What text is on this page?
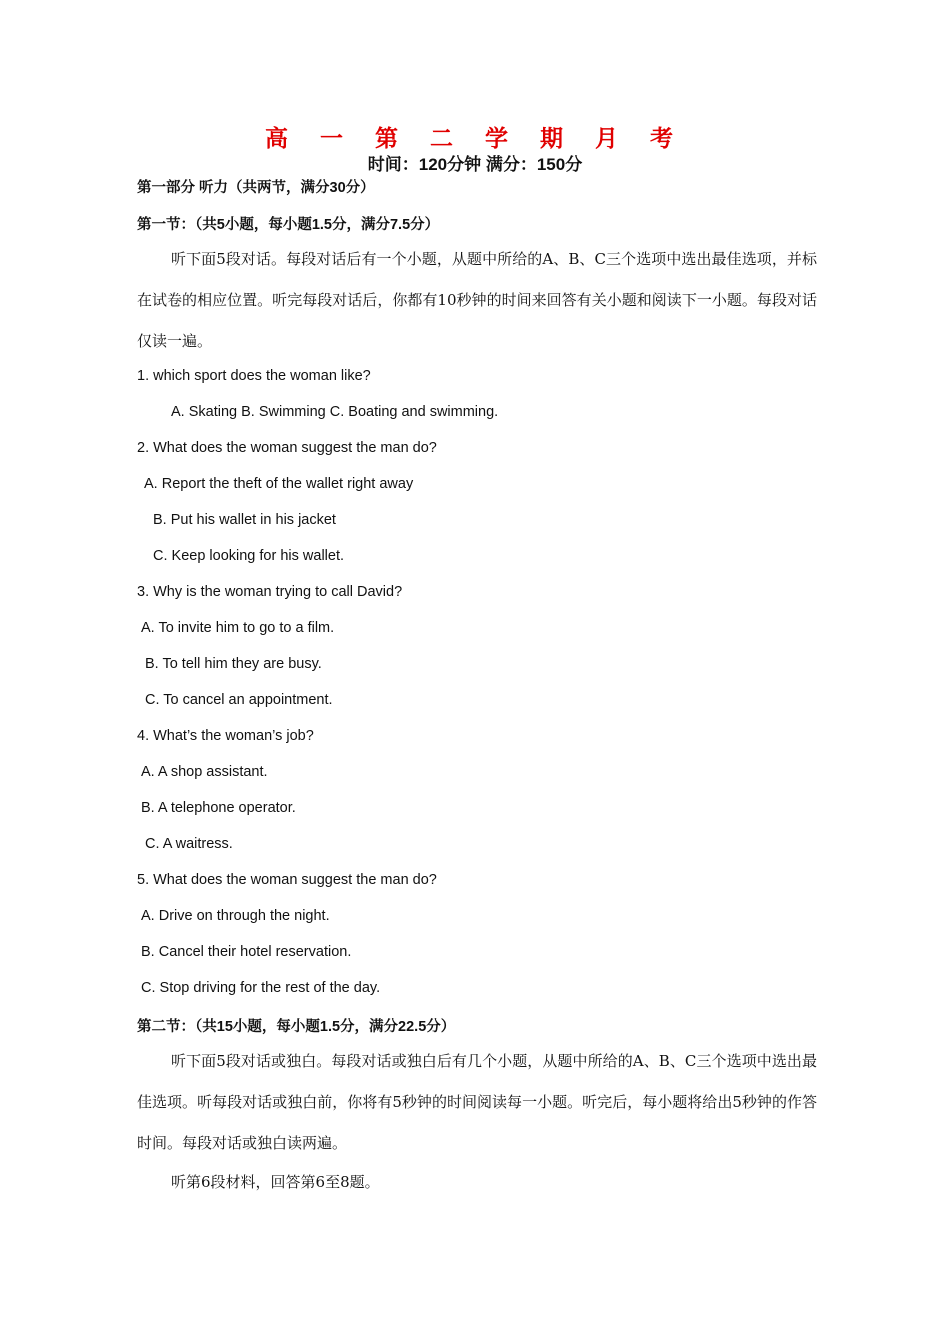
高 一 第 二 学 期 月 考
时间：120分钟 满分：150分
第一部分 听力（共两节，满分30分）
第一节：（共5小题，每小题1.5分，满分7.5分）
听下面5段对话。每段对话后有一个小题，从题中所给的A、B、C三个选项中选出最佳选项，并标在试卷的相应位置。听完每段对话后，你都有10秒钟的时间来回答有关小题和阅读下一小题。每段对话仅读一遍。
1. which sport does the woman like?
A. Skating B. Swimming C. Boating and swimming.
2. What does the woman suggest the man do?
A. Report the theft of the wallet right away
B. Put his wallet in his jacket
C. Keep looking for his wallet.
3. Why is the woman trying to call David?
A. To invite him to go to a film.
B. To tell him they are busy.
C. To cancel an appointment.
4. What’s the woman’s job?
A. A shop assistant.
B. A telephone operator.
C. A waitress.
5. What does the woman suggest the man do?
A. Drive on through the night.
B. Cancel their hotel reservation.
C. Stop driving for the rest of the day.
第二节：（共15小题，每小题1.5分，满分22.5分）
听下面5段对话或独白。每段对话或独白后有几个小题，从题中所给的A、B、C三个选项中选出最佳选项。听每段对话或独白前，你将有5秒钟的时间阅读每一小题。听完后，每小题将给出5秒钟的作答时间。每段对话或独白读两遍。
听第6段材料，回答第6至8题。
